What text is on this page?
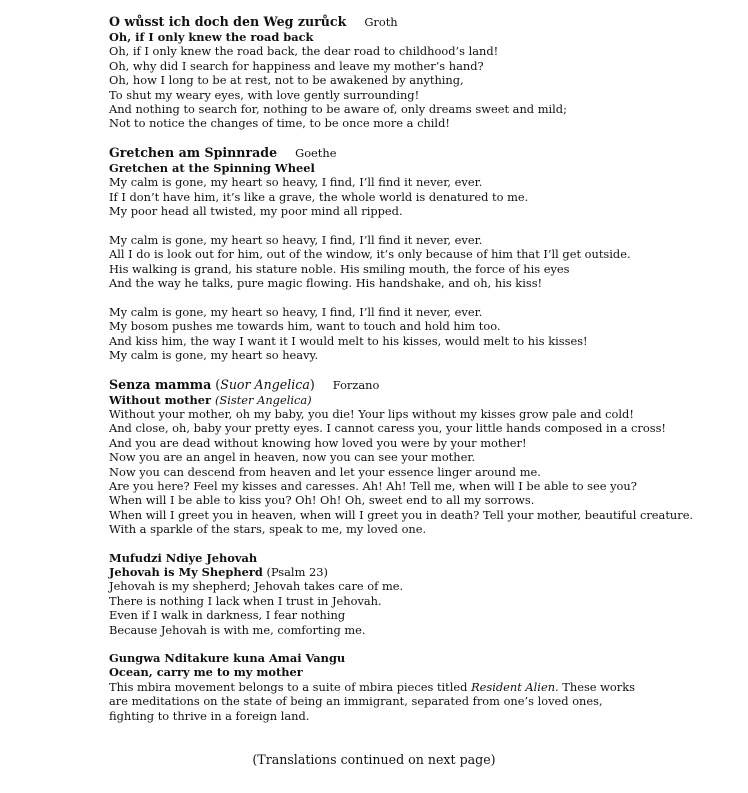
O wůsst ich doch den Weg zurůck Groth
Oh, if I only knew the road back
Oh, if I only knew the road back, the dear road to childhood’s land!
Oh, why did I search for happiness and leave my mother’s hand?
Oh, how I long to be at rest, not to be awakened by anything,
To shut my weary eyes, with love gently surrounding!
And nothing to search for, nothing to be aware of, only dreams sweet and mild;
Not to notice the changes of time, to be once more a child!
Gretchen am Spinnrade Goethe
Gretchen at the Spinning Wheel
My calm is gone, my heart so heavy, I find, I’ll find it never, ever.
If I don’t have him, it’s like a grave, the whole world is denatured to me.
My poor head all twisted, my poor mind all ripped.
My calm is gone, my heart so heavy, I find, I’ll find it never, ever.
All I do is look out for him, out of the window, it’s only because of him that I’ll get outside.
His walking is grand, his stature noble. His smiling mouth, the force of his eyes
And the way he talks, pure magic flowing. His handshake, and oh, his kiss!
My calm is gone, my heart so heavy, I find, I’ll find it never, ever.
My bosom pushes me towards him, want to touch and hold him too.
And kiss him, the way I want it I would melt to his kisses, would melt to his kisses!
My calm is gone, my heart so heavy.
Senza mamma (Suor Angelica) Forzano
Without mother (Sister Angelica)
Without your mother, oh my baby, you die! Your lips without my kisses grow pale and cold!
And close, oh, baby your pretty eyes. I cannot caress you, your little hands composed in a cross!
And you are dead without knowing how loved you were by your mother!
Now you are an angel in heaven, now you can see your mother.
Now you can descend from heaven and let your essence linger around me.
Are you here? Feel my kisses and caresses. Ah! Ah! Tell me, when will I be able to see you?
When will I be able to kiss you? Oh! Oh! Oh, sweet end to all my sorrows.
When will I greet you in heaven, when will I greet you in death? Tell your mother, beautiful creature.
With a sparkle of the stars, speak to me, my loved one.
Mufudzi Ndiye Jehovah
Jehovah is My Shepherd (Psalm 23)
Jehovah is my shepherd; Jehovah takes care of me.
There is nothing I lack when I trust in Jehovah.
Even if I walk in darkness, I fear nothing
Because Jehovah is with me, comforting me.
Gungwa Nditakure kuna Amai Vangu
Ocean, carry me to my mother
This mbira movement belongs to a suite of mbira pieces titled Resident Alien. These works are meditations on the state of being an immigrant, separated from one’s loved ones, fighting to thrive in a foreign land.
(Translations continued on next page)
